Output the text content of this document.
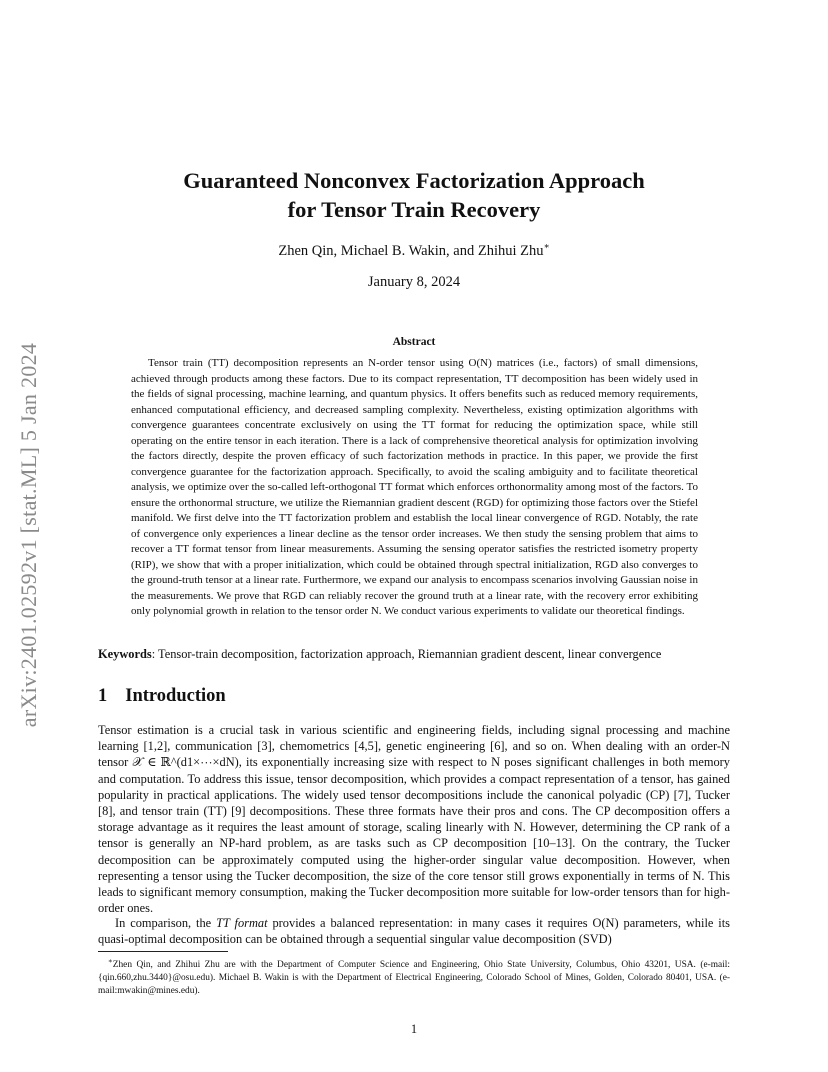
arXiv:2401.02592v1 [stat.ML] 5 Jan 2024
Guaranteed Nonconvex Factorization Approach
for Tensor Train Recovery
Zhen Qin, Michael B. Wakin, and Zhihui Zhu∗
January 8, 2024
Abstract

Tensor train (TT) decomposition represents an N-order tensor using O(N) matrices (i.e., factors) of small dimensions, achieved through products among these factors. Due to its compact representation, TT decomposition has been widely used in the fields of signal processing, machine learning, and quantum physics. It offers benefits such as reduced memory requirements, enhanced computational efficiency, and decreased sampling complexity. Nevertheless, existing optimization algorithms with convergence guarantees concentrate exclusively on using the TT format for reducing the optimization space, while still operating on the entire tensor in each iteration. There is a lack of comprehensive theoretical analysis for optimization involving the factors directly, despite the proven efficacy of such factorization methods in practice. In this paper, we provide the first convergence guarantee for the factorization approach. Specifically, to avoid the scaling ambiguity and to facilitate theoretical analysis, we optimize over the so-called left-orthogonal TT format which enforces orthonormality among most of the factors. To ensure the orthonormal structure, we utilize the Riemannian gradient descent (RGD) for optimizing those factors over the Stiefel manifold. We first delve into the TT factorization problem and establish the local linear convergence of RGD. Notably, the rate of convergence only experiences a linear decline as the tensor order increases. We then study the sensing problem that aims to recover a TT format tensor from linear measurements. Assuming the sensing operator satisfies the restricted isometry property (RIP), we show that with a proper initialization, which could be obtained through spectral initialization, RGD also converges to the ground-truth tensor at a linear rate. Furthermore, we expand our analysis to encompass scenarios involving Gaussian noise in the measurements. We prove that RGD can reliably recover the ground truth at a linear rate, with the recovery error exhibiting only polynomial growth in relation to the tensor order N. We conduct various experiments to validate our theoretical findings.

Keywords: Tensor-train decomposition, factorization approach, Riemannian gradient descent, linear convergence

1 Introduction

Tensor estimation is a crucial task in various scientific and engineering fields, including signal processing and machine learning [1,2], communication [3], chemometrics [4,5], genetic engineering [6], and so on. When dealing with an order-N tensor 𝒳 ∈ ℝ^(d1×⋯×dN), its exponentially increasing size with respect to N poses significant challenges in both memory and computation. To address this issue, tensor decomposition, which provides a compact representation of a tensor, has gained popularity in practical applications. The widely used tensor decompositions include the canonical polyadic (CP) [7], Tucker [8], and tensor train (TT) [9] decompositions. These three formats have their pros and cons. The CP decomposition offers a storage advantage as it requires the least amount of storage, scaling linearly with N. However, determining the CP rank of a tensor is generally an NP-hard problem, as are tasks such as CP decomposition [10–13]. On the contrary, the Tucker decomposition can be approximately computed using the higher-order singular value decomposition. However, when representing a tensor using the Tucker decomposition, the size of the core tensor still grows exponentially in terms of N. This leads to significant memory consumption, making the Tucker decomposition more suitable for low-order tensors than for high-order ones.

In comparison, the TT format provides a balanced representation: in many cases it requires O(N) parameters, while its quasi-optimal decomposition can be obtained through a sequential singular value decomposition (SVD)

∗Zhen Qin, and Zhihui Zhu are with the Department of Computer Science and Engineering, Ohio State University, Columbus, Ohio 43201, USA. (e-mail:{qin.660,zhu.3440}@osu.edu). Michael B. Wakin is with the Department of Electrical Engineering, Colorado School of Mines, Golden, Colorado 80401, USA. (e-mail:mwakin@mines.edu).

1
